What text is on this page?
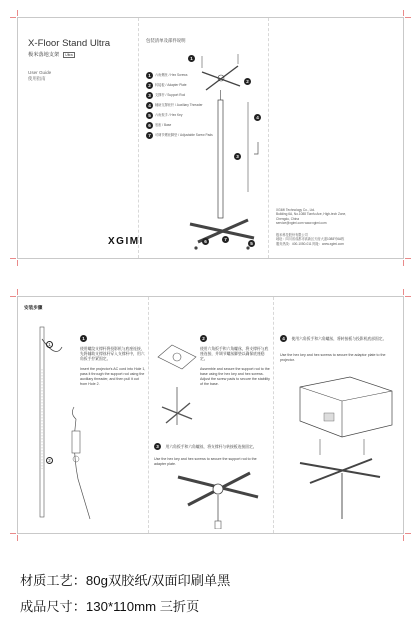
X-Floor Stand Ultra
极米落地支架 Ultra
User Guide
使用指南
XGIMI
包装清单及部件说明
1
2
3
4
5
6	7
1	六角螺丝 / Hex Screws
2	转接板 / Adapter Plate
3	支撑杆 / Support Rod
4	辅助支撑丝杆 / Auxiliary Threader
5	六角扳手 / Hex Key
6	底座 / Base
7	可调节螺丝脚垫 / Adjustable Screw Pads
XGIMI Technology Co., Ltd.
Building 6A, No.1088 Tianfu Ave, High-tech Zone,
Chengdu, China
service@xgimi.com www.xgimi.com
极米科技股份有限公司
地址：四川省成都市高新区天府大道1088号6A栋
服务热线：400-1050-011 网址：www.xgimi.com
安装步骤
1
2
1
使用螺纹支撑杆将投影机与底座连接，先将辅助支撑丝杆穿入支撑杆中，用六角扳手拧紧固定。
Insert the projector's AC cord into Hole 1, pass it through the support rod using the auxiliary threader, and then pull it out from Hole 2.
2
使用六角扳手和六角螺丝，将支撑杆与底座连接，并调节螺丝脚垫以确保底座稳定。
Assemble and secure the support rod to the base using the hex key and hex screws. Adjust the screw pads to secure the stability of the base.
3 用六角扳手和六角螺丝，将支撑杆与转接板连接固定。
Use the hex key and hex screws to secure the support rod to the adapter plate.
4 使用六角扳手和六角螺丝，将转接板与投影机底部固定。
Use the hex key and hex screws to secure the adaptor plate to the projector.
材质工艺：80g双胶纸/双面印刷单黑
成品尺寸：130*110mm 三折页
